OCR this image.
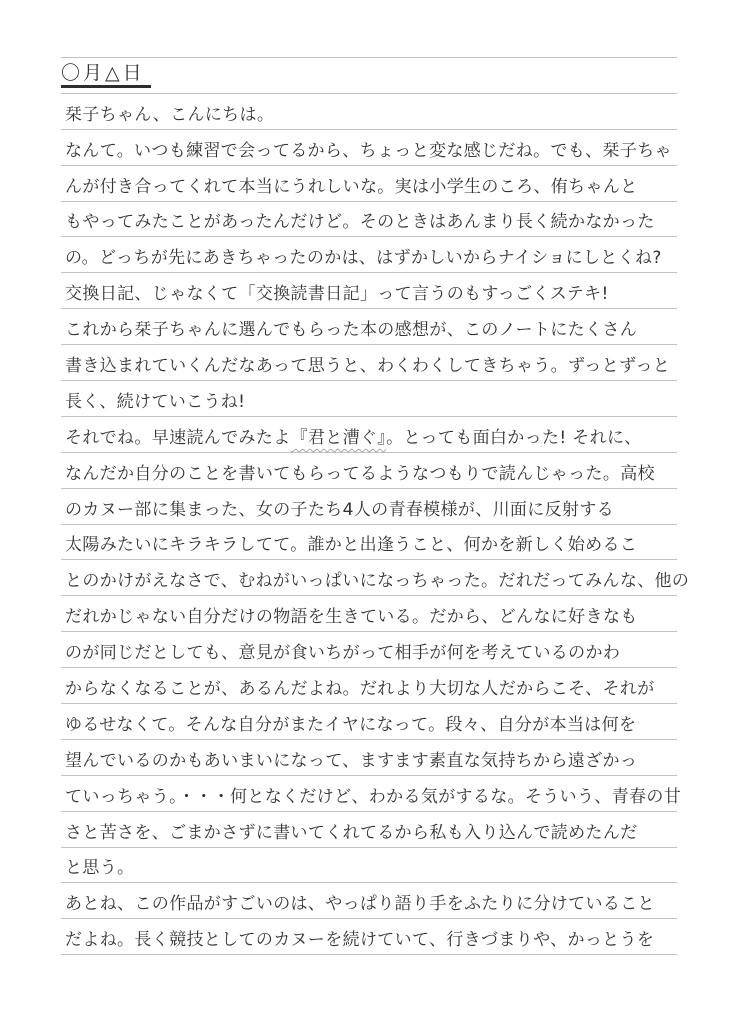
〇月△日
栞子ちゃん、こんにちは。
なんて。いつも練習で会ってるから、ちょっと変な感じだね。でも、栞子ちゃ
んが付き合ってくれて本当にうれしいな。実は小学生のころ、侑ちゃんと
もやってみたことがあったんだけど。そのときはあんまり長く続かなかった
の。どっちが先にあきちゃったのかは、はずかしいからナイショにしとくね?
交換日記、じゃなくて「交換読書日記」って言うのもすっごくステキ!
これから栞子ちゃんに選んでもらった本の感想が、このノートにたくさん
書き込まれていくんだなあって思うと、わくわくしてきちゃう。ずっとずっと
長く、続けていこうね!
それでね。早速読んでみたよ『君と漕ぐ』。とっても面白かった! それに、
なんだか自分のことを書いてもらってるようなつもりで読んじゃった。高校
のカヌー部に集まった、女の子たち4人の青春模様が、川面に反射する
太陽みたいにキラキラしてて。誰かと出逢うこと、何かを新しく始めるこ
とのかけがえなさで、むねがいっぱいになっちゃった。だれだってみんな、他の
だれかじゃない自分だけの物語を生きている。だから、どんなに好きなも
のが同じだとしても、意見が食いちがって相手が何を考えているのかわ
からなくなることが、あるんだよね。だれより大切な人だからこそ、それが
ゆるせなくて。そんな自分がまたイヤになって。段々、自分が本当は何を
望んでいるのかもあいまいになって、ますます素直な気持ちから遠ざかっ
ていっちゃう。・・・何となくだけど、わかる気がするな。そういう、青春の甘
さと苦さを、ごまかさずに書いてくれてるから私も入り込んで読めたんだ
と思う。
あとね、この作品がすごいのは、やっぱり語り手をふたりに分けていること
だよね。長く競技としてのカヌーを続けていて、行きづまりや、かっとうを
